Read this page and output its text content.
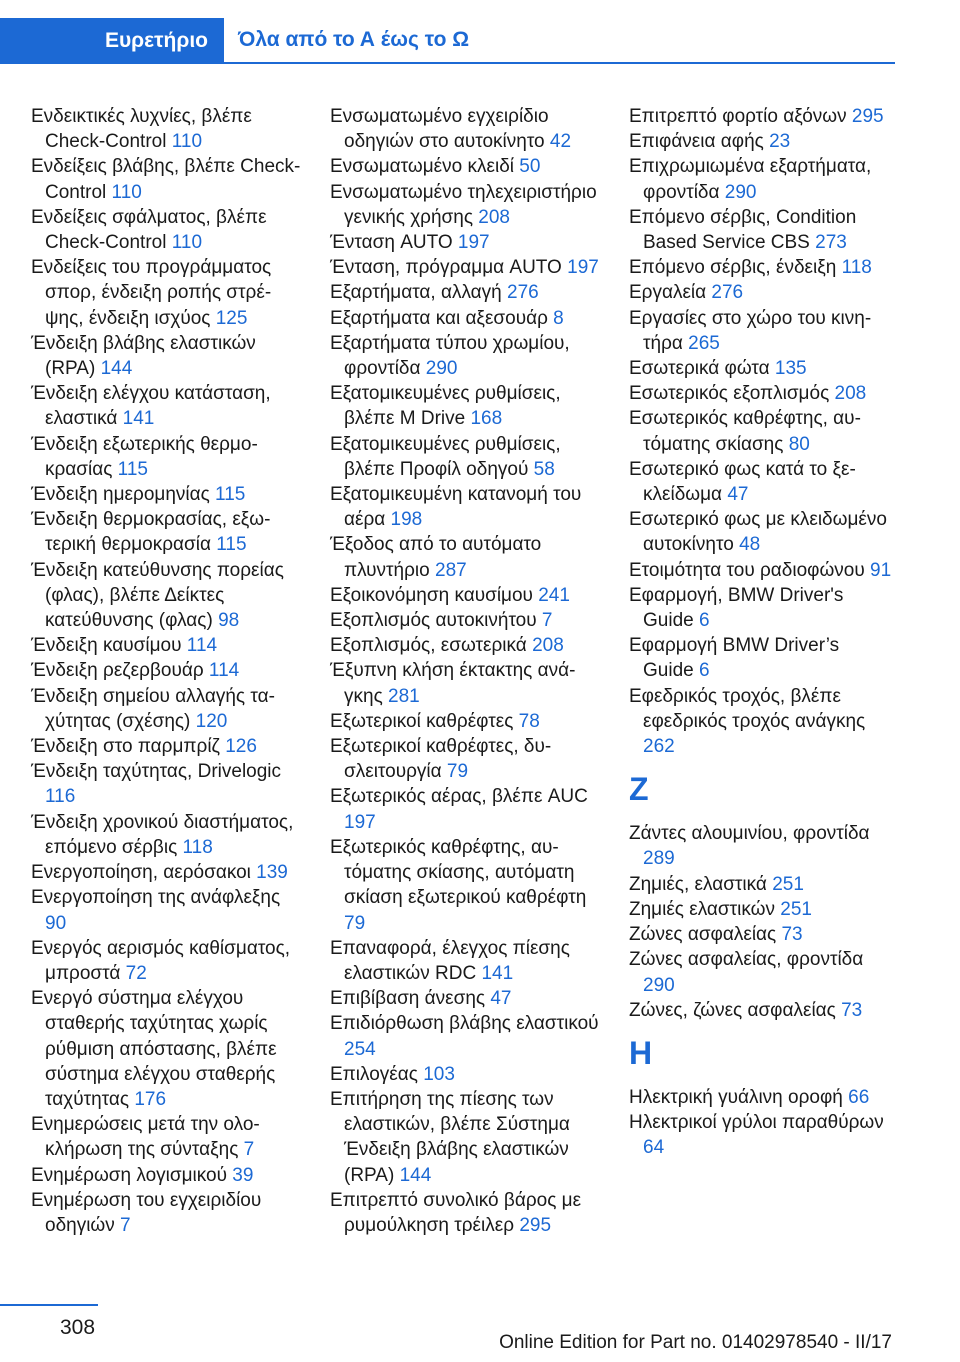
Ευρετήριο	Όλα από το Α έως το Ω

Ενδεικτικές λυχνίες, βλέπε Check-Control 110

Ενδείξεις βλάβης, βλέπε Check-Control 110

Ενδείξεις σφάλματος, βλέπε Check-Control 110

Ενδείξεις του προγράμματος σπορ, ένδειξη ροπής στρέψης, ένδειξη ισχύος 125

Ένδειξη βλάβης ελαστικών (RPA) 144

Ένδειξη ελέγχου κατάσταση, ελαστικά 141

Ένδειξη εξωτερικής θερμοκρασίας 115

Ένδειξη ημερομηνίας 115

Ένδειξη θερμοκρασίας, εξωτερική θερμοκρασία 115

Ένδειξη κατεύθυνσης πορείας (φλας), βλέπε Δείκτες κατεύθυνσης (φλας) 98

Ένδειξη καυσίμου 114

Ένδειξη ρεζερβουάρ 114

Ένδειξη σημείου αλλαγής ταχύτητας (σχέσης) 120

Ένδειξη στο παρμπρίζ 126

Ένδειξη ταχύτητας, Drivelogic 116

Ένδειξη χρονικού διαστήματος, επόμενο σέρβις 118

Ενεργοποίηση, αερόσακοι 139

Ενεργοποίηση της ανάφλεξης 90

Ενεργός αερισμός καθίσματος, μπροστά 72

Ενεργό σύστημα ελέγχου σταθερής ταχύτητας χωρίς ρύθμιση απόστασης, βλέπε σύστημα ελέγχου σταθερής ταχύτητας 176

Ενημερώσεις μετά την ολοκλήρωση της σύνταξης 7

Ενημέρωση λογισμικού 39

Ενημέρωση του εγχειριδίου οδηγιών 7

Ενσωματωμένο εγχειρίδιο οδηγιών στο αυτοκίνητο 42

Ενσωματωμένο κλειδί 50

Ενσωματωμένο τηλεχειριστήριο γενικής χρήσης 208

Ένταση AUTO 197

Ένταση, πρόγραμμα AUTO 197

Εξαρτήματα, αλλαγή 276

Εξαρτήματα και αξεσουάρ 8

Εξαρτήματα τύπου χρωμίου, φροντίδα 290

Εξατομικευμένες ρυθμίσεις, βλέπε M Drive 168

Εξατομικευμένες ρυθμίσεις, βλέπε Προφίλ οδηγού 58

Εξατομικευμένη κατανομή του αέρα 198

Έξοδος από το αυτόματο πλυντήριο 287

Εξοικονόμηση καυσίμου 241

Εξοπλισμός αυτοκινήτου 7

Εξοπλισμός, εσωτερικά 208

Έξυπνη κλήση έκτακτης ανάγκης 281

Εξωτερικοί καθρέφτες 78

Εξωτερικοί καθρέφτες, δυσλειτουργία 79

Εξωτερικός αέρας, βλέπε AUC 197

Εξωτερικός καθρέφτης, αυτόματης σκίασης, αυτόματη σκίαση εξωτερικού καθρέφτη 79

Επαναφορά, έλεγχος πίεσης ελαστικών RDC 141

Επιβίβαση άνεσης 47

Επιδιόρθωση βλάβης ελαστικού 254

Επιλογέας 103

Επιτήρηση της πίεσης των ελαστικών, βλέπε Σύστημα Ένδειξη βλάβης ελαστικών (RPA) 144

Επιτρεπτό συνολικό βάρος με ρυμούλκηση τρέιλερ 295

Επιτρεπτό φορτίο αξόνων 295

Επιφάνεια αφής 23

Επιχρωμιωμένα εξαρτήματα, φροντίδα 290

Επόμενο σέρβις, Condition Based Service CBS 273

Επόμενο σέρβις, ένδειξη 118

Εργαλεία 276

Εργασίες στο χώρο του κινητήρα 265

Εσωτερικά φώτα 135

Εσωτερικός εξοπλισμός 208

Εσωτερικός καθρέφτης, αυτόματης σκίασης 80

Εσωτερικό φως κατά το ξεκλείδωμα 47

Εσωτερικό φως με κλειδωμένο αυτοκίνητο 48

Ετοιμότητα του ραδιοφώνου 91

Εφαρμογή, BMW Driver's Guide 6

Εφαρμογή BMW Driver’s Guide 6

Εφεδρικός τροχός, βλέπε εφεδρικός τροχός ανάγκης 262

Z

Ζάντες αλουμινίου, φροντίδα 289

Ζημιές, ελαστικά 251

Ζημιές ελαστικών 251

Ζώνες ασφαλείας 73

Ζώνες ασφαλείας, φροντίδα 290

Ζώνες, ζώνες ασφαλείας 73

H

Ηλεκτρική γυάλινη οροφή 66

Ηλεκτρικοί γρύλοι παραθύρων 64

308
Online Edition for Part no. 01402978540 - II/17
